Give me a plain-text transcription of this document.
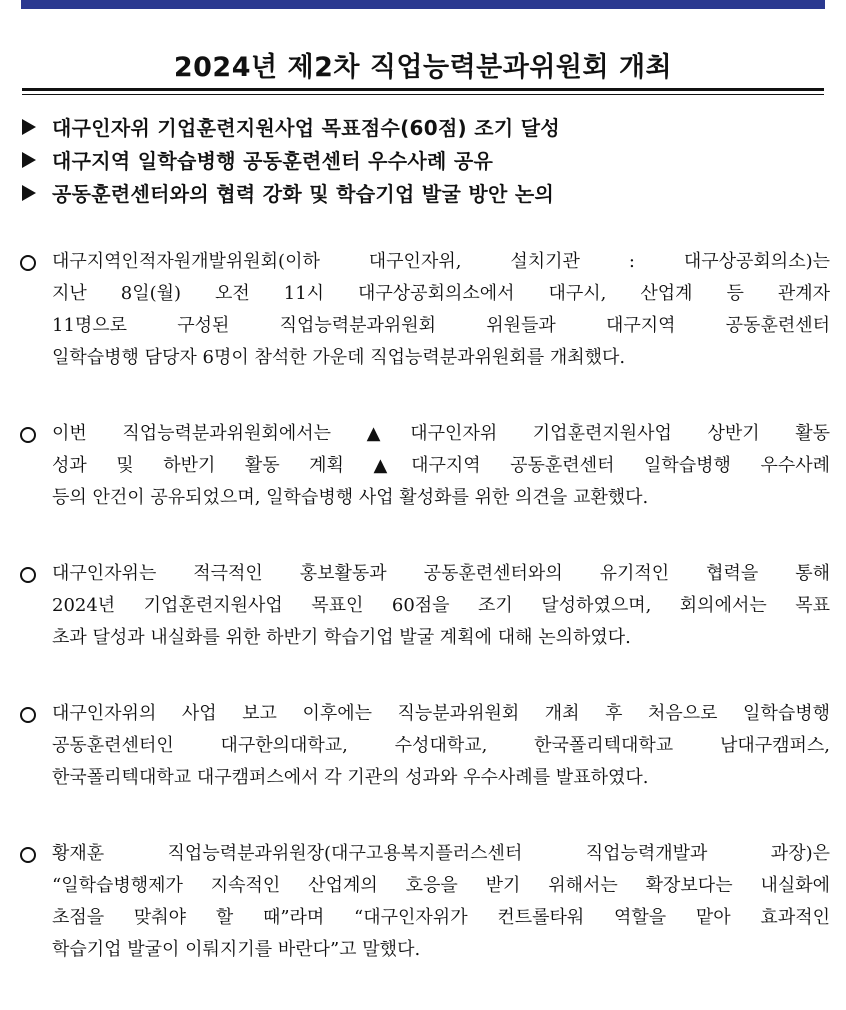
2024년 제2차 직업능력분과위원회 개최
대구인자위 기업훈련지원사업 목표점수(60점) 조기 달성
대구지역 일학습병행 공동훈련센터 우수사례 공유
공동훈련센터와의 협력 강화 및 학습기업 발굴 방안 논의
대구지역인적자원개발위원회(이하 대구인자위, 설치기관 : 대구상공회의소)는
지난 8일(월) 오전 11시 대구상공회의소에서 대구시, 산업계 등 관계자
11명으로 구성된 직업능력분과위원회 위원들과 대구지역 공동훈련센터
일학습병행 담당자 6명이 참석한 가운데 직업능력분과위원회를 개최했다.
이번 직업능력분과위원회에서는 ▲대구인자위 기업훈련지원사업 상반기 활동
성과 및 하반기 활동 계획 ▲대구지역 공동훈련센터 일학습병행 우수사례
등의 안건이 공유되었으며, 일학습병행 사업 활성화를 위한 의견을 교환했다.
대구인자위는 적극적인 홍보활동과 공동훈련센터와의 유기적인 협력을 통해
2024년 기업훈련지원사업 목표인 60점을 조기 달성하였으며, 회의에서는 목표
초과 달성과 내실화를 위한 하반기 학습기업 발굴 계획에 대해 논의하였다.
대구인자위의 사업 보고 이후에는 직능분과위원회 개최 후 처음으로 일학습병행
공동훈련센터인 대구한의대학교, 수성대학교, 한국폴리텍대학교 남대구캠퍼스,
한국폴리텍대학교 대구캠퍼스에서 각 기관의 성과와 우수사례를 발표하였다.
황재훈 직업능력분과위원장(대구고용복지플러스센터 직업능력개발과 과장)은
“일학습병행제가 지속적인 산업계의 호응을 받기 위해서는 확장보다는 내실화에
초점을 맞춰야 할 때”라며 “대구인자위가 컨트롤타워 역할을 맡아 효과적인
학습기업 발굴이 이뤄지기를 바란다”고 말했다.
